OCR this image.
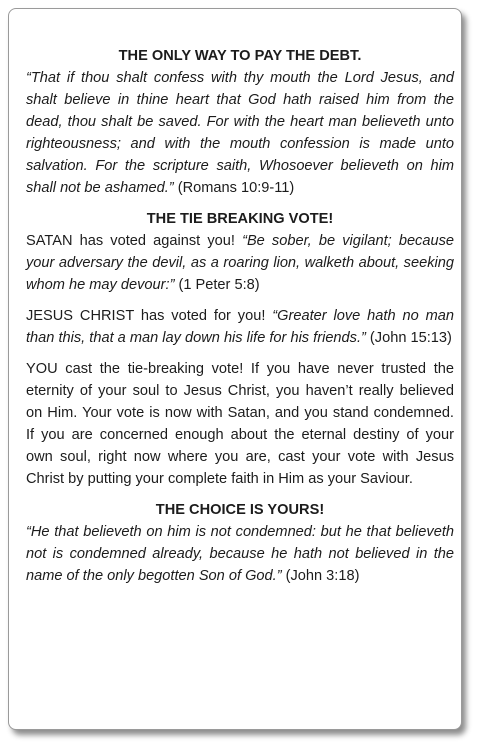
THE ONLY WAY TO PAY THE DEBT.

“That if thou shalt confess with thy mouth the Lord Jesus, and shalt believe in thine heart that God hath raised him from the dead, thou shalt be saved. For with the heart man believeth unto righteousness; and with the mouth confession is made unto salvation. For the scripture saith, Whosoever believeth on him shall not be ashamed.” (Romans 10:9-11)

THE TIE BREAKING VOTE!

SATAN has voted against you! “Be sober, be vigilant; because your adversary the devil, as a roaring lion, walketh about, seeking whom he may devour:” (1 Peter 5:8)

JESUS CHRIST has voted for you! “Greater love hath no man than this, that a man lay down his life for his friends.” (John 15:13)

YOU cast the tie-breaking vote! If you have never trusted the eternity of your soul to Jesus Christ, you haven’t really believed on Him. Your vote is now with Satan, and you stand condemned. If you are concerned enough about the eternal destiny of your own soul, right now where you are, cast your vote with Jesus Christ by putting your complete faith in Him as your Saviour.

THE CHOICE IS YOURS!

“He that believeth on him is not condemned: but he that believeth not is condemned already, because he hath not believed in the name of the only begotten Son of God.” (John 3:18)
